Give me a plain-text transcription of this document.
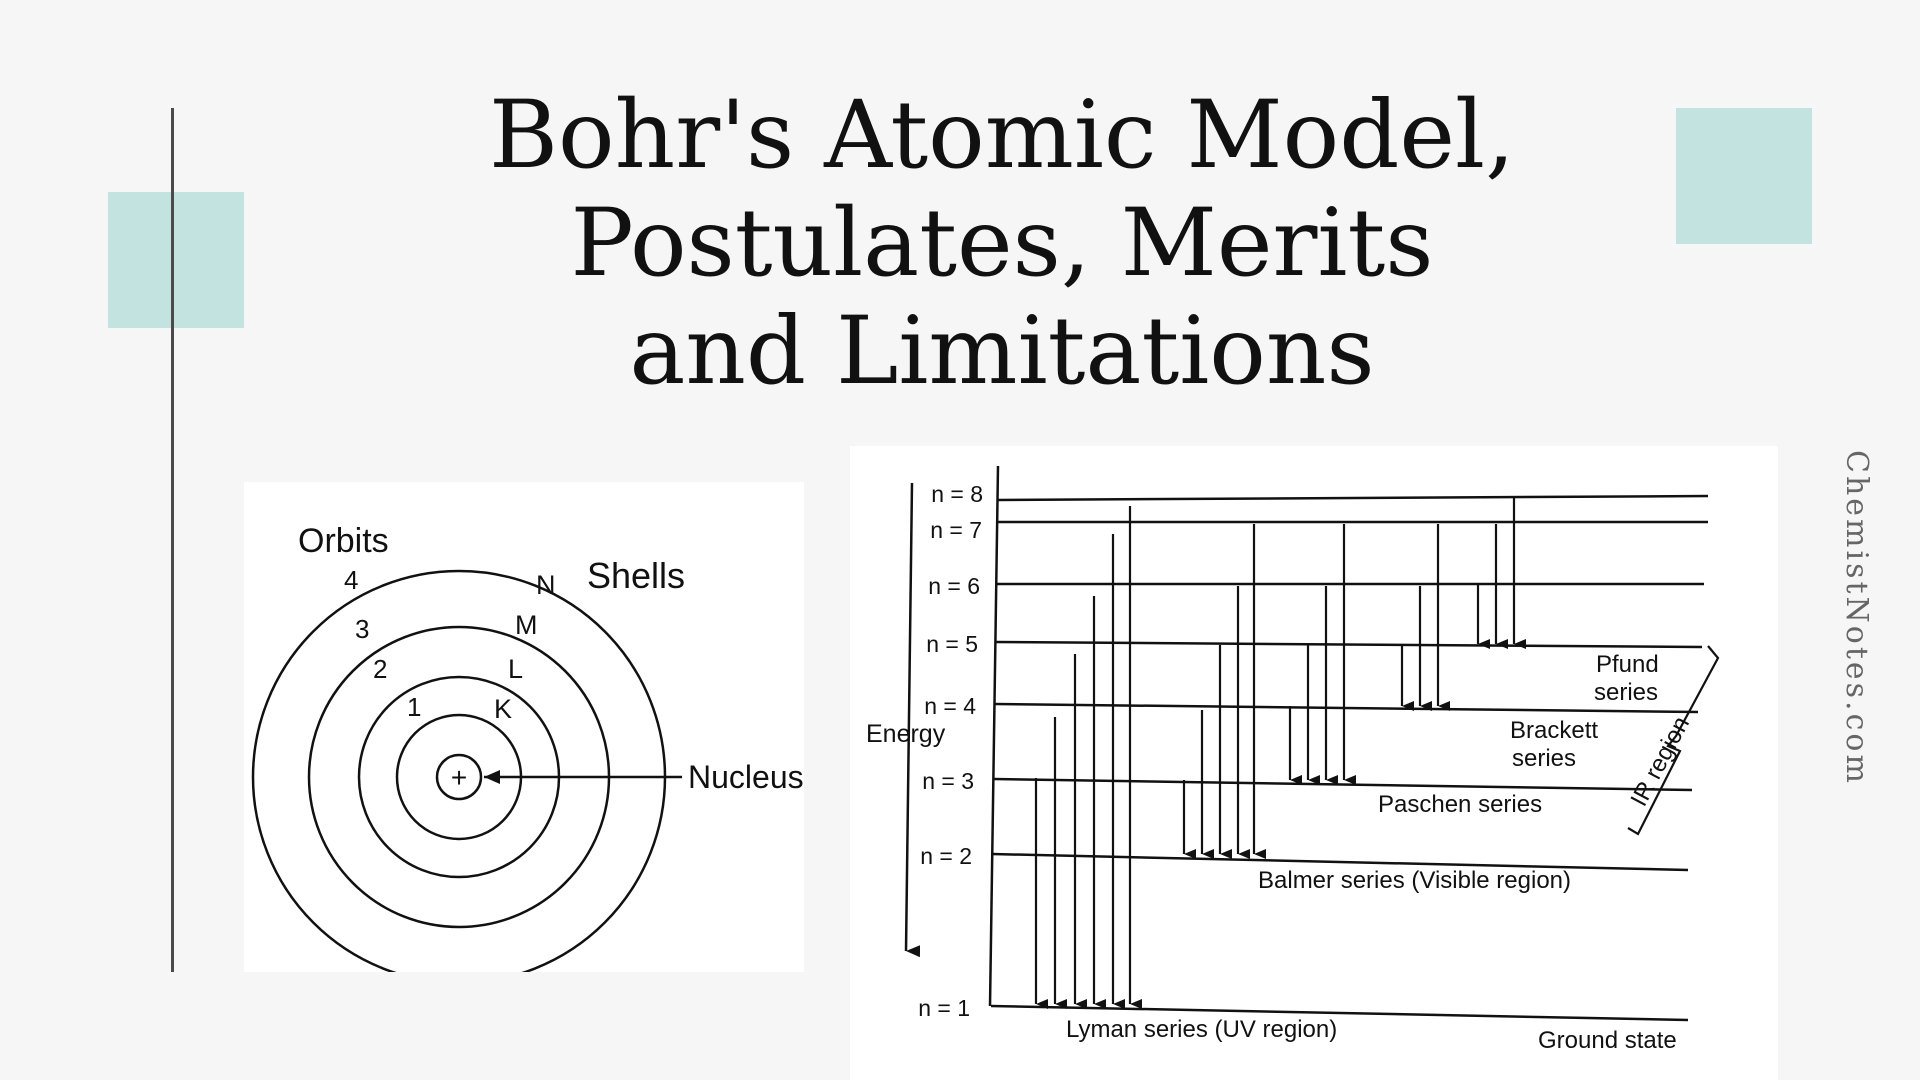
Bohr's Atomic Model,
Postulates, Merits
and Limitations
ChemistNotes.com
+
Orbits
Shells
Nucleus
1
2
3
4
K
L
M
N
Energy
n = 1
n = 2
n = 3
n = 4
n = 5
n = 6
n = 7
n = 8
Lyman series (UV region)	Ground state
Balmer series (Visible region)
Paschen series
Brackett
series
Pfund
series
IR region
